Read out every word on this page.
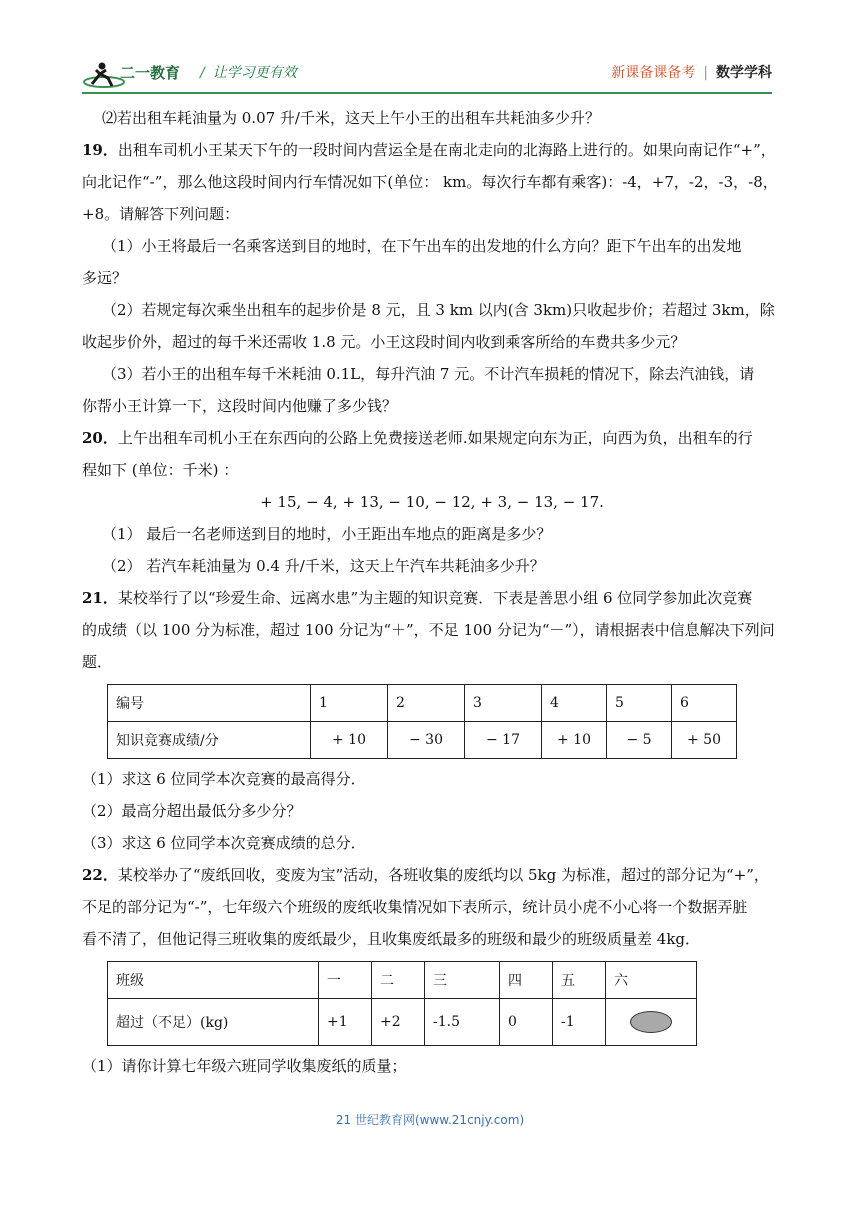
二一教育 / 让学习更有效	新课备课备考 | 数学学科

⑵若出租车耗油量为 0.07 升/千米，这天上午小王的出租车共耗油多少升？

19．出租车司机小王某天下午的一段时间内营运全是在南北走向的北海路上进行的。如果向南记作“+”，

向北记作“-”，那么他这段时间内行车情况如下(单位： km。每次行车都有乘客)：-4，+7，-2，-3，-8，

+8。请解答下列问题：

（1）小王将最后一名乘客送到目的地时，在下午出车的出发地的什么方向？距下午出车的出发地

多远？

（2）若规定每次乘坐出租车的起步价是 8 元，且 3 km 以内(含 3km)只收起步价；若超过 3km，除

收起步价外，超过的每千米还需收 1.8 元。小王这段时间内收到乘客所给的车费共多少元？

（3）若小王的出租车每千米耗油 0.1L，每升汽油 7 元。不计汽车损耗的情况下，除去汽油钱，请

你帮小王计算一下，这段时间内他赚了多少钱？

20．上午出租车司机小王在东西向的公路上免费接送老师.如果规定向东为正，向西为负，出租车的行

程如下 (单位：千米) ：

+ 15, − 4, + 13, − 10, − 12, + 3, − 13, − 17.

（1） 最后一名老师送到目的地时，小王距出车地点的距离是多少？

（2） 若汽车耗油量为 0.4 升/千米，这天上午汽车共耗油多少升？

21．某校举行了以“珍爱生命、远离水患”为主题的知识竞赛．下表是善思小组 6 位同学参加此次竞赛

的成绩（以 100 分为标准，超过 100 分记为“＋”，不足 100 分记为“－”），请根据表中信息解决下列问

题．

编号	1	2	3	4	5	6
知识竞赛成绩/分	+ 10	− 30	− 17	+ 10	− 5	+ 50

（1）求这 6 位同学本次竞赛的最高得分．

（2）最高分超出最低分多少分？

（3）求这 6 位同学本次竞赛成绩的总分．

22．某校举办了“废纸回收，变废为宝”活动，各班收集的废纸均以 5kg 为标准，超过的部分记为“+”，

不足的部分记为“-”，七年级六个班级的废纸收集情况如下表所示，统计员小虎不小心将一个数据弄脏

看不清了，但他记得三班收集的废纸最少，且收集废纸最多的班级和最少的班级质量差 4kg．

班级	一	二	三	四	五	六
超过（不足）(kg)	+1	+2	-1.5	0	-1	

（1）请你计算七年级六班同学收集废纸的质量；

21 世纪教育网(www.21cnjy.com)
